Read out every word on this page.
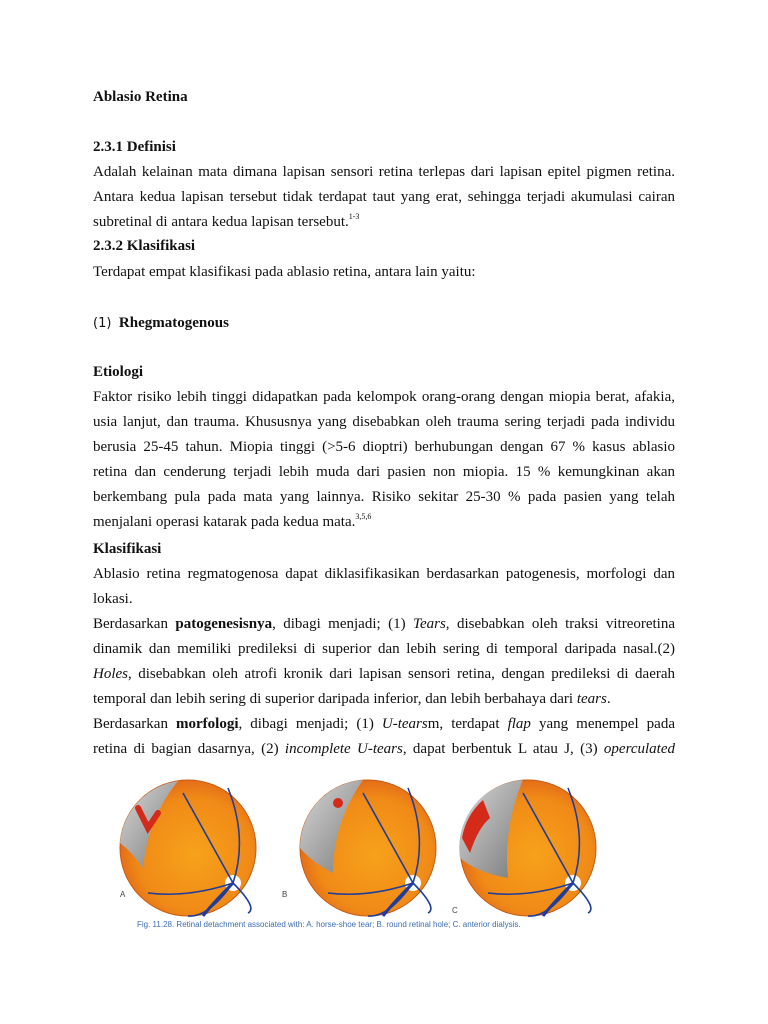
Ablasio Retina
2.3.1 Definisi
Adalah kelainan mata dimana lapisan sensori retina terlepas dari lapisan epitel pigmen retina.
Antara kedua lapisan tersebut tidak terdapat taut yang erat, sehingga terjadi akumulasi cairan
subretinal di antara kedua lapisan tersebut.$^{1-3}$
2.3.2 Klasifikasi
Terdapat empat klasifikasi pada ablasio retina, antara lain yaitu:
(1) Rhegmatogenous
Etiologi
Faktor risiko lebih tinggi didapatkan pada kelompok orang-orang dengan miopia berat, afakia,
usia lanjut, dan trauma. Khususnya yang disebabkan oleh trauma sering terjadi pada individu
berusia 25-45 tahun. Miopia tinggi (>5-6 dioptri) berhubungan dengan 67 % kasus ablasio
retina dan cenderung terjadi lebih muda dari pasien non miopia. 15 % kemungkinan akan
berkembang pula pada mata yang lainnya. Risiko sekitar 25-30 % pada pasien yang telah
menjalani operasi katarak pada kedua mata.$^{3,5,6}$
Klasifikasi
Ablasio retina regmatogenosa dapat diklasifikasikan berdasarkan patogenesis, morfologi dan
lokasi.
Berdasarkan patogenesisnya, dibagi menjadi; (1) Tears, disebabkan oleh traksi vitreoretina
dinamik dan memiliki predileksi di superior dan lebih sering di temporal daripada nasal.(2)
Holes, disebabkan oleh atrofi kronik dari lapisan sensori retina, dengan predileksi di daerah
temporal dan lebih sering di superior daripada inferior, dan lebih berbahaya dari tears.
Berdasarkan morfologi, dibagi menjadi; (1) U-tearsm, terdapat flap yang menempel pada
retina di bagian dasarnya, (2) incomplete U-tears, dapat berbentuk L atau J, (3) operculated
A	B
C
Fig. 11.28. Retinal detachment associated with: A. horse-shoe tear; B. round retinal hole; C. anterior dialysis.
